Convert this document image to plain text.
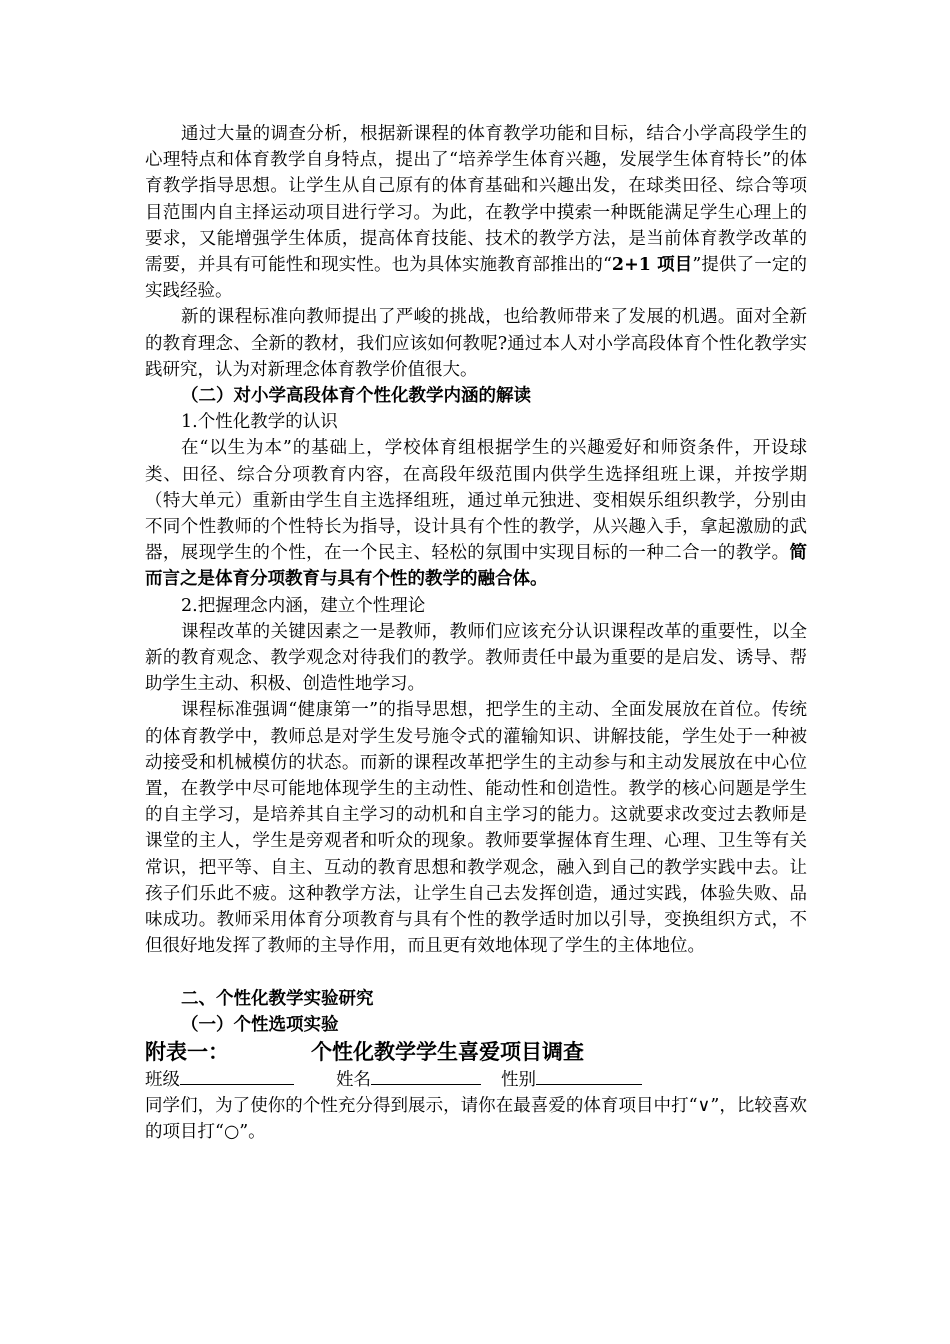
通过大量的调查分析，根据新课程的体育教学功能和目标，结合小学高段学生的心理特点和体育教学自身特点，提出了“培养学生体育兴趣，发展学生体育特长”的体育教学指导思想。让学生从自己原有的体育基础和兴趣出发，在球类田径、综合等项目范围内自主择运动项目进行学习。为此，在教学中摸索一种既能满足学生心理上的要求，又能增强学生体质，提高体育技能、技术的教学方法，是当前体育教学改革的需要，并具有可能性和现实性。也为具体实施教育部推出的“2+1 项目”提供了一定的实践经验。

新的课程标准向教师提出了严峻的挑战，也给教师带来了发展的机遇。面对全新的教育理念、全新的教材，我们应该如何教呢?通过本人对小学高段体育个性化教学实践研究，认为对新理念体育教学价值很大。

（二）对小学高段体育个性化教学内涵的解读

1.个性化教学的认识

在“以生为本”的基础上，学校体育组根据学生的兴趣爱好和师资条件，开设球类、田径、综合分项教育内容，在高段年级范围内供学生选择组班上课，并按学期（特大单元）重新由学生自主选择组班，通过单元独进、变相娱乐组织教学，分别由不同个性教师的个性特长为指导，设计具有个性的教学，从兴趣入手，拿起激励的武器，展现学生的个性，在一个民主、轻松的氛围中实现目标的一种二合一的教学。简而言之是体育分项教育与具有个性的教学的融合体。

2.把握理念内涵，建立个性理论

课程改革的关键因素之一是教师，教师们应该充分认识课程改革的重要性，以全新的教育观念、教学观念对待我们的教学。教师责任中最为重要的是启发、诱导、帮助学生主动、积极、创造性地学习。

课程标准强调“健康第一”的指导思想，把学生的主动、全面发展放在首位。传统的体育教学中，教师总是对学生发号施令式的灌输知识、讲解技能，学生处于一种被动接受和机械模仿的状态。而新的课程改革把学生的主动参与和主动发展放在中心位置，在教学中尽可能地体现学生的主动性、能动性和创造性。教学的核心问题是学生的自主学习，是培养其自主学习的动机和自主学习的能力。这就要求改变过去教师是课堂的主人，学生是旁观者和听众的现象。教师要掌握体育生理、心理、卫生等有关常识，把平等、自主、互动的教育思想和教学观念，融入到自己的教学实践中去。让孩子们乐此不疲。这种教学方法，让学生自己去发挥创造，通过实践，体验失败、品味成功。教师采用体育分项教育与具有个性的教学适时加以引导，变换组织方式，不但很好地发挥了教师的主导作用，而且更有效地体现了学生的主体地位。

二、个性化教学实验研究

（一）个性选项实验

附表一：	个性化教学学生喜爱项目调查

班级	姓名	性别

同学们，为了使你的个性充分得到展示，请你在最喜爱的体育项目中打“∨”，比较喜欢的项目打“○”。
